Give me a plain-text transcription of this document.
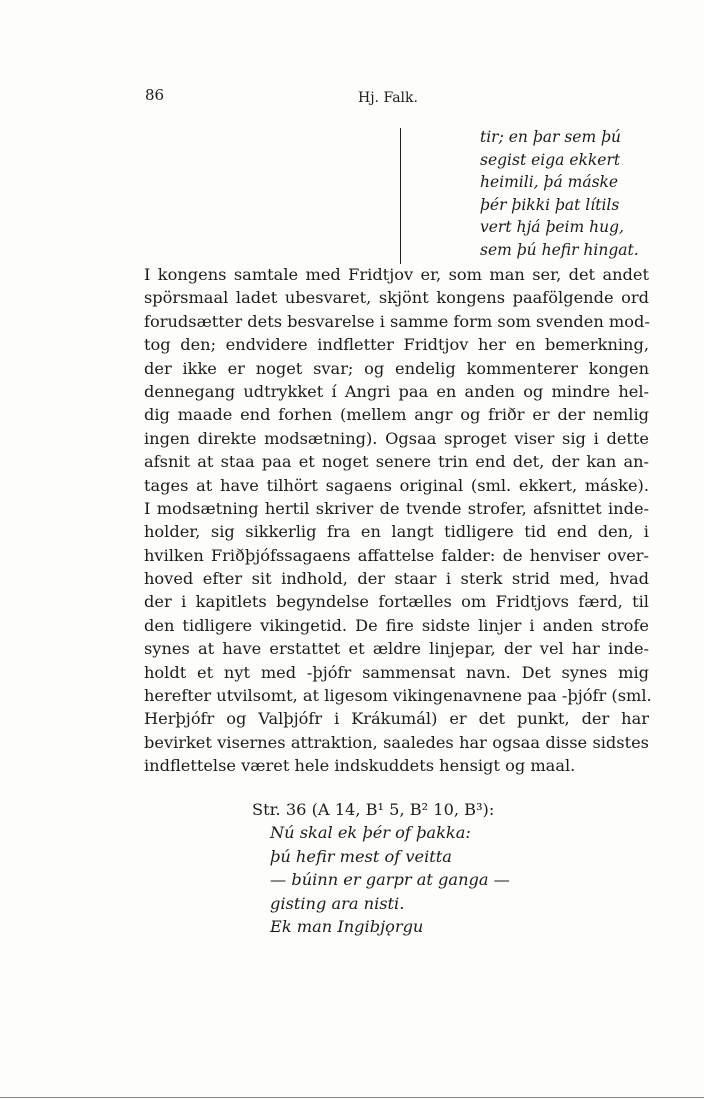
86	Hj. Falk.
tir; en þar sem þú
segist eiga ekkert
heimili, þá máske
þér þikki þat lítils
vert hjá þeim hug,
sem þú hefir hingat.
I kongens samtale med Fridtjov er, som man ser, det andet
spörsmaal ladet ubesvaret, skjönt kongens paafölgende ord
forudsætter dets besvarelse i samme form som svenden mod-
tog den; endvidere indfletter Fridtjov her en bemerkning,
der ikke er noget svar; og endelig kommenterer kongen
dennegang udtrykket í Angri paa en anden og mindre hel-
dig maade end forhen (mellem angr og friðr er der nemlig
ingen direkte modsætning). Ogsaa sproget viser sig i dette
afsnit at staa paa et noget senere trin end det, der kan an-
tages at have tilhört sagaens original (sml. ekkert, máske).
I modsætning hertil skriver de tvende strofer, afsnittet inde-
holder, sig sikkerlig fra en langt tidligere tid end den, i
hvilken Friðþjófssagaens affattelse falder: de henviser over-
hoved efter sit indhold, der staar i sterk strid med, hvad
der i kapitlets begyndelse fortælles om Fridtjovs færd, til
den tidligere vikingetid. De fire sidste linjer i anden strofe
synes at have erstattet et ældre linjepar, der vel har inde-
holdt et nyt med -þjófr sammensat navn. Det synes mig
herefter utvilsomt, at ligesom vikingenavnene paa -þjófr (sml.
Herþjófr og Valþjófr i Krákumál) er det punkt, der har
bevirket visernes attraktion, saaledes har ogsaa disse sidstes
indflettelse været hele indskuddets hensigt og maal.
Str. 36 (A 14, B¹ 5, B² 10, B³):
Nú skal ek þér of þakka:
þú hefir mest of veitta
— búinn er garpr at ganga —
gisting ara nisti.
Ek man Ingibjǫrgu
